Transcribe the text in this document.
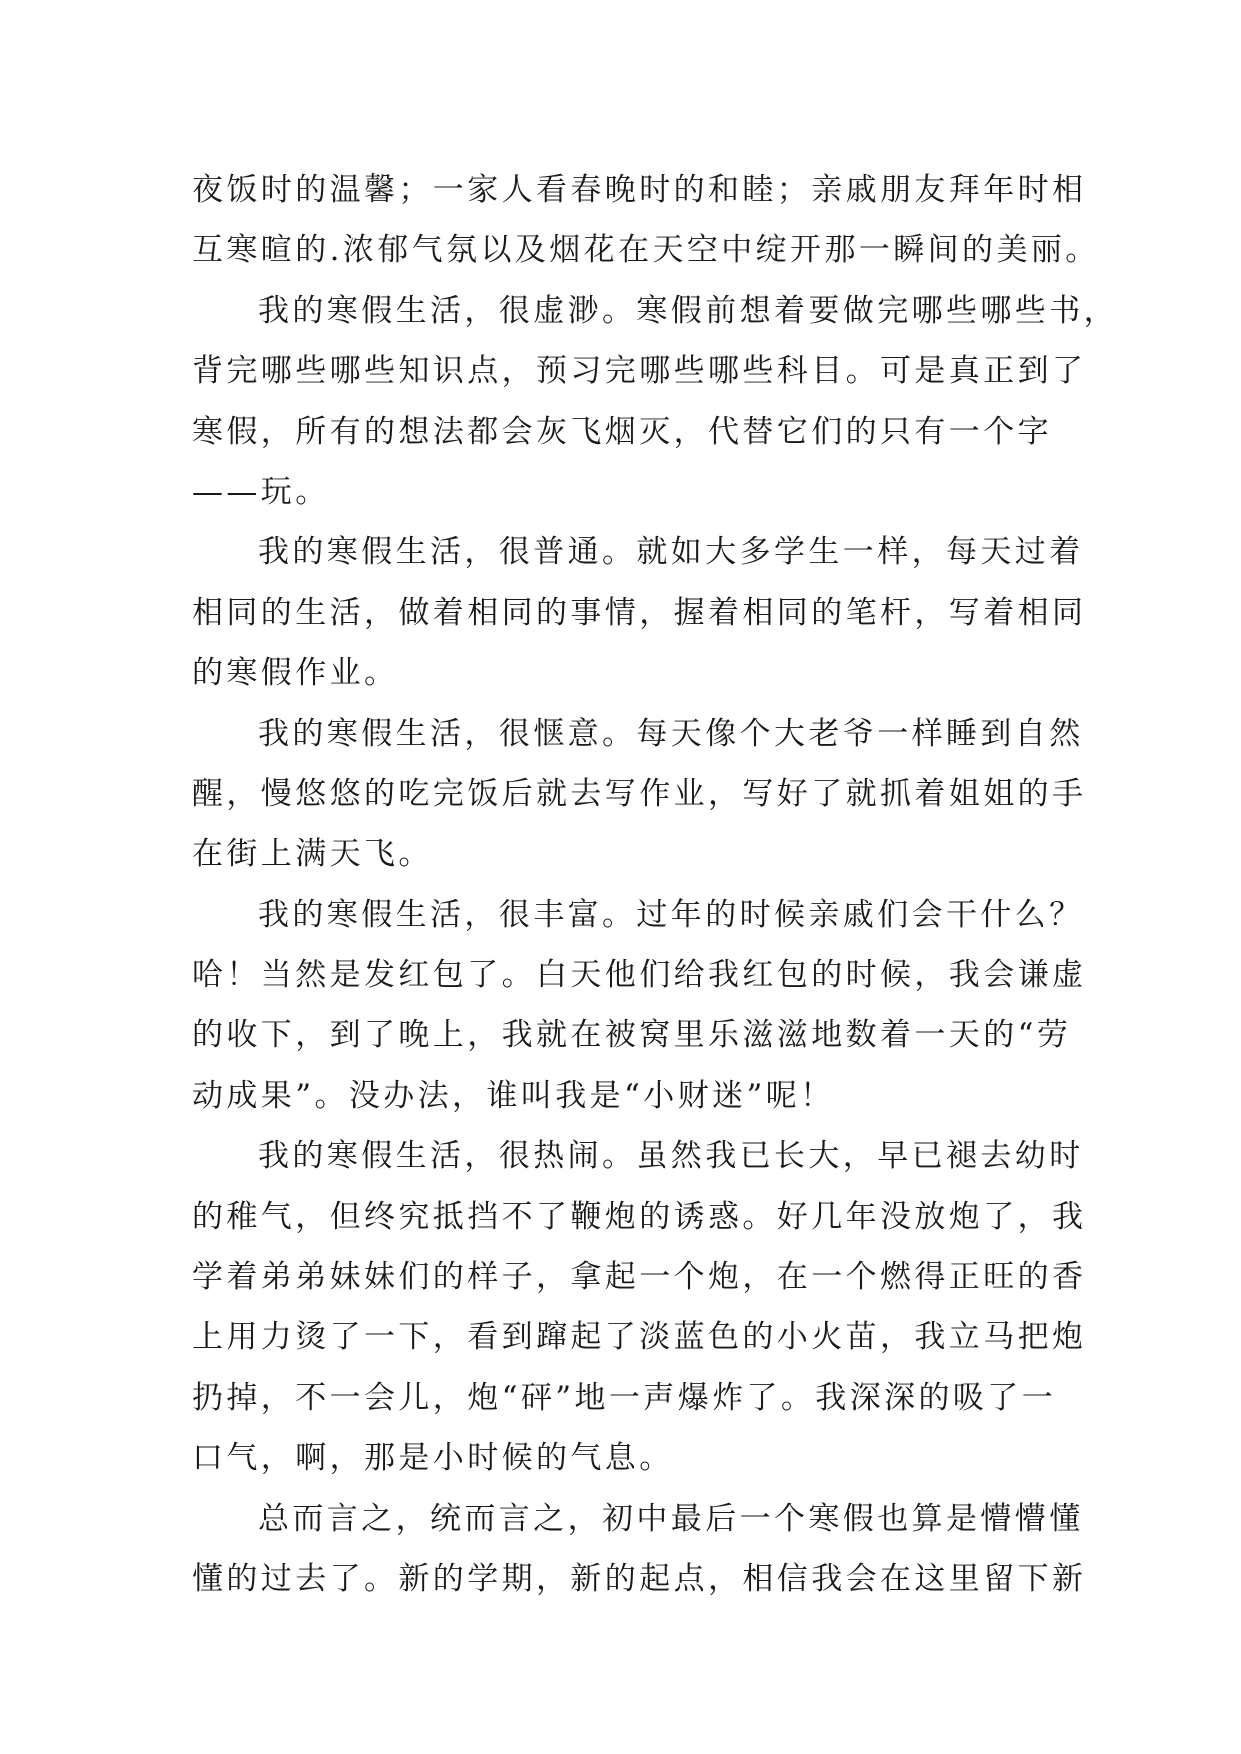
夜饭时的温馨；一家人看春晚时的和睦；亲戚朋友拜年时相
互寒暄的.浓郁气氛以及烟花在天空中绽开那一瞬间的美丽。
我的寒假生活，很虚渺。寒假前想着要做完哪些哪些书，
背完哪些哪些知识点，预习完哪些哪些科目。可是真正到了
寒假，所有的想法都会灰飞烟灭，代替它们的只有一个字
——玩。
我的寒假生活，很普通。就如大多学生一样，每天过着
相同的生活，做着相同的事情，握着相同的笔杆，写着相同
的寒假作业。
我的寒假生活，很惬意。每天像个大老爷一样睡到自然
醒，慢悠悠的吃完饭后就去写作业，写好了就抓着姐姐的手
在街上满天飞。
我的寒假生活，很丰富。过年的时候亲戚们会干什么？
哈！当然是发红包了。白天他们给我红包的时候，我会谦虚
的收下，到了晚上，我就在被窝里乐滋滋地数着一天的“劳
动成果”。没办法，谁叫我是“小财迷”呢！
我的寒假生活，很热闹。虽然我已长大，早已褪去幼时
的稚气，但终究抵挡不了鞭炮的诱惑。好几年没放炮了，我
学着弟弟妹妹们的样子，拿起一个炮，在一个燃得正旺的香
上用力烫了一下，看到蹿起了淡蓝色的小火苗，我立马把炮
扔掉，不一会儿，炮“砰”地一声爆炸了。我深深的吸了一
口气，啊，那是小时候的气息。
总而言之，统而言之，初中最后一个寒假也算是懵懵懂
懂的过去了。新的学期，新的起点，相信我会在这里留下新
